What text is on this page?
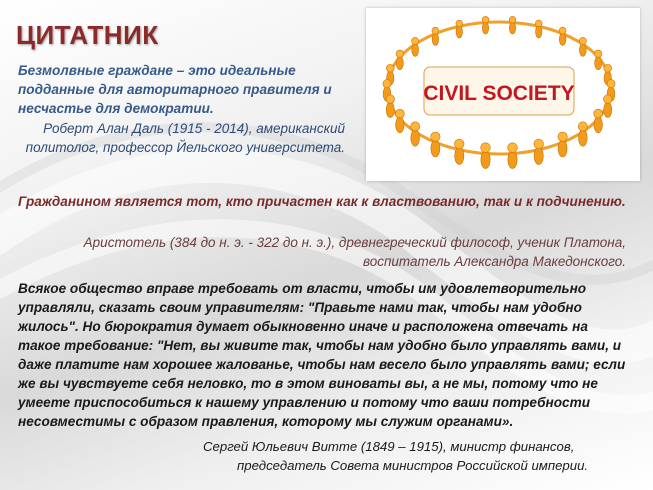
ЦИТАТНИК
CIVIL SOCIETY

Безмолвные граждане – это идеальные подданные для авторитарного правителя и несчастье для демократии.

Роберт Алан Даль (1915 - 2014), американский политолог, профессор Йельского университета.

Гражданином является тот, кто причастен как к властвованию, так и к подчинению.

Аристотель (384 до н. э. - 322 до н. э.), древнегреческий философ, ученик Платона, воспитатель Александра Македонского.

Всякое общество вправе требовать от власти, чтобы им удовлетворительно управляли, сказать своим управителям: "Правьте нами так, чтобы нам удобно жилось". Но бюрократия думает обыкновенно иначе и расположена отвечать на такое требование: "Нет, вы живите так, чтобы нам удобно было управлять вами, и даже платите нам хорошее жалованье, чтобы нам весело было управлять вами; если же вы чувствуете себя неловко, то в этом виноваты вы, а не мы, потому что не умеете приспособиться к нашему управлению и потому что ваши потребности несовместимы с образом правления, которому мы служим органами».

Сергей Юльевич Витте (1849 – 1915), министр финансов,
председатель Совета министров Российской империи.
